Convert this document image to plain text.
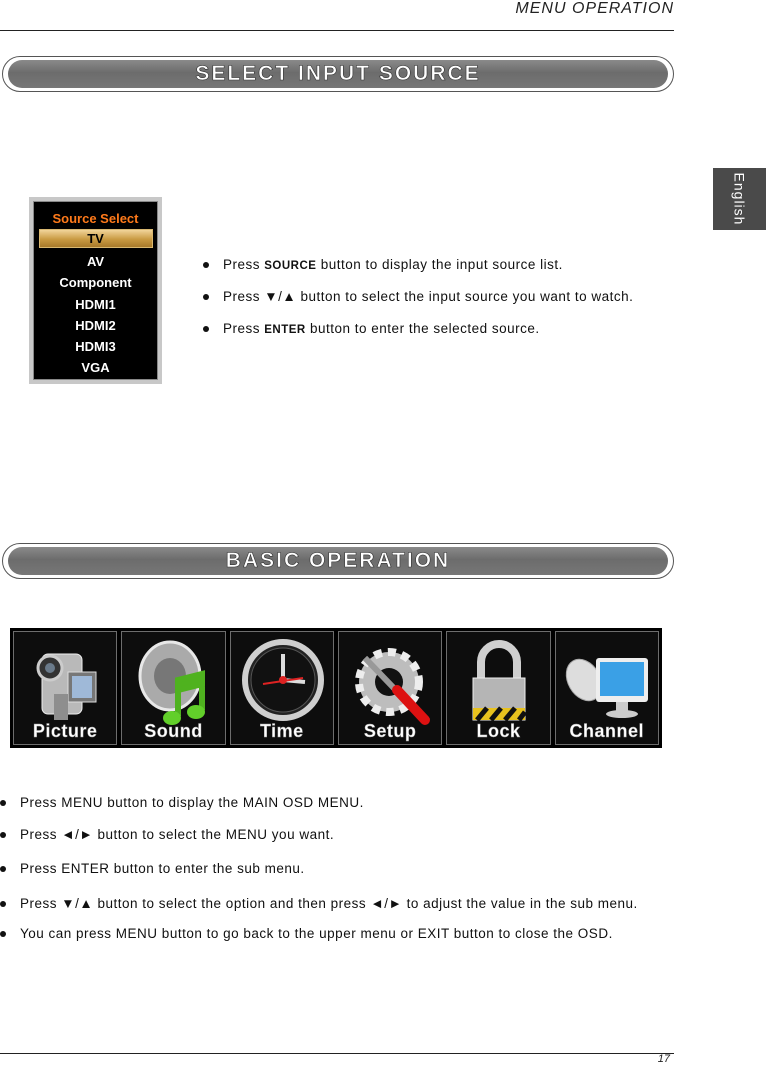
MENU OPERATION
English
SELECT INPUT SOURCE
Source Select
TV
AV
Component
HDMI1
HDMI2
HDMI3
VGA
Press SOURCE button to display the input source list.
Press ▼/▲ button to select the input source you want to watch.
Press ENTER button to enter the selected source.
BASIC OPERATION
Picture	Sound	Time	Setup	Lock	Channel
Press MENU button to display the MAIN OSD MENU.
Press ◄/► button to select the MENU you want.
Press ENTER button to enter the sub menu.
Press ▼/▲ button to select the option and then press ◄/► to adjust the value in the sub menu.
You can press MENU button to go back to the upper menu or EXIT button to close the OSD.
17
